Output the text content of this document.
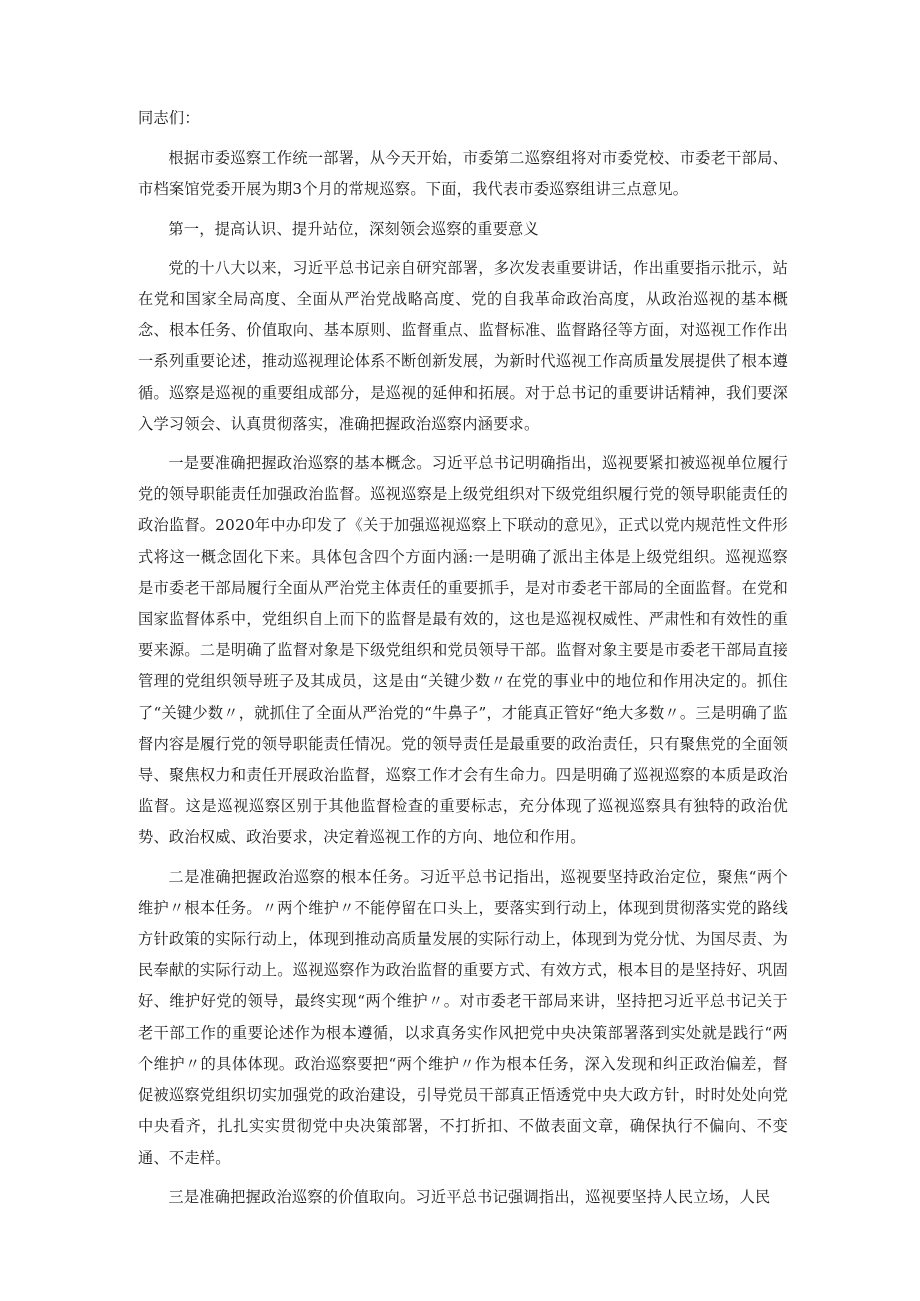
同志们：

根据市委巡察工作统一部署，从今天开始，市委第二巡察组将对市委党校、市委老干部局、市档案馆党委开展为期3个月的常规巡察。下面，我代表市委巡察组讲三点意见。

第一，提高认识、提升站位，深刻领会巡察的重要意义

党的十八大以来，习近平总书记亲自研究部署，多次发表重要讲话，作出重要指示批示，站在党和国家全局高度、全面从严治党战略高度、党的自我革命政治高度，从政治巡视的基本概念、根本任务、价值取向、基本原则、监督重点、监督标准、监督路径等方面，对巡视工作作出一系列重要论述，推动巡视理论体系不断创新发展，为新时代巡视工作高质量发展提供了根本遵循。巡察是巡视的重要组成部分，是巡视的延伸和拓展。对于总书记的重要讲话精神，我们要深入学习领会、认真贯彻落实，准确把握政治巡察内涵要求。

一是要准确把握政治巡察的基本概念。习近平总书记明确指出，巡视要紧扣被巡视单位履行党的领导职能责任加强政治监督。巡视巡察是上级党组织对下级党组织履行党的领导职能责任的政治监督。2020年中办印发了《关于加强巡视巡察上下联动的意见》，正式以党内规范性文件形式将这一概念固化下来。具体包含四个方面内涵:一是明确了派出主体是上级党组织。巡视巡察是市委老干部局履行全面从严治党主体责任的重要抓手，是对市委老干部局的全面监督。在党和国家监督体系中，党组织自上而下的监督是最有效的，这也是巡视权威性、严肃性和有效性的重要来源。二是明确了监督对象是下级党组织和党员领导干部。监督对象主要是市委老干部局直接管理的党组织领导班子及其成员，这是由“关键少数〃在党的事业中的地位和作用决定的。抓住了“关键少数〃，就抓住了全面从严治党的“牛鼻子”，才能真正管好“绝大多数〃。三是明确了监督内容是履行党的领导职能责任情况。党的领导责任是最重要的政治责任，只有聚焦党的全面领导、聚焦权力和责任开展政治监督，巡察工作才会有生命力。四是明确了巡视巡察的本质是政治监督。这是巡视巡察区别于其他监督检查的重要标志，充分体现了巡视巡察具有独特的政治优势、政治权威、政治要求，决定着巡视工作的方向、地位和作用。

二是准确把握政治巡察的根本任务。习近平总书记指出，巡视要坚持政治定位，聚焦“两个维护〃根本任务。〃两个维护〃不能停留在口头上，要落实到行动上，体现到贯彻落实党的路线方针政策的实际行动上，体现到推动高质量发展的实际行动上，体现到为党分忧、为国尽责、为民奉献的实际行动上。巡视巡察作为政治监督的重要方式、有效方式，根本目的是坚持好、巩固好、维护好党的领导，最终实现“两个维护〃。对市委老干部局来讲，坚持把习近平总书记关于老干部工作的重要论述作为根本遵循，以求真务实作风把党中央决策部署落到实处就是践行“两个维护〃的具体体现。政治巡察要把“两个维护〃作为根本任务，深入发现和纠正政治偏差，督促被巡察党组织切实加强党的政治建设，引导党员干部真正悟透党中央大政方针，时时处处向党中央看齐，扎扎实实贯彻党中央决策部署，不打折扣、不做表面文章，确保执行不偏向、不变通、不走样。

三是准确把握政治巡察的价值取向。习近平总书记强调指出，巡视要坚持人民立场，人民
